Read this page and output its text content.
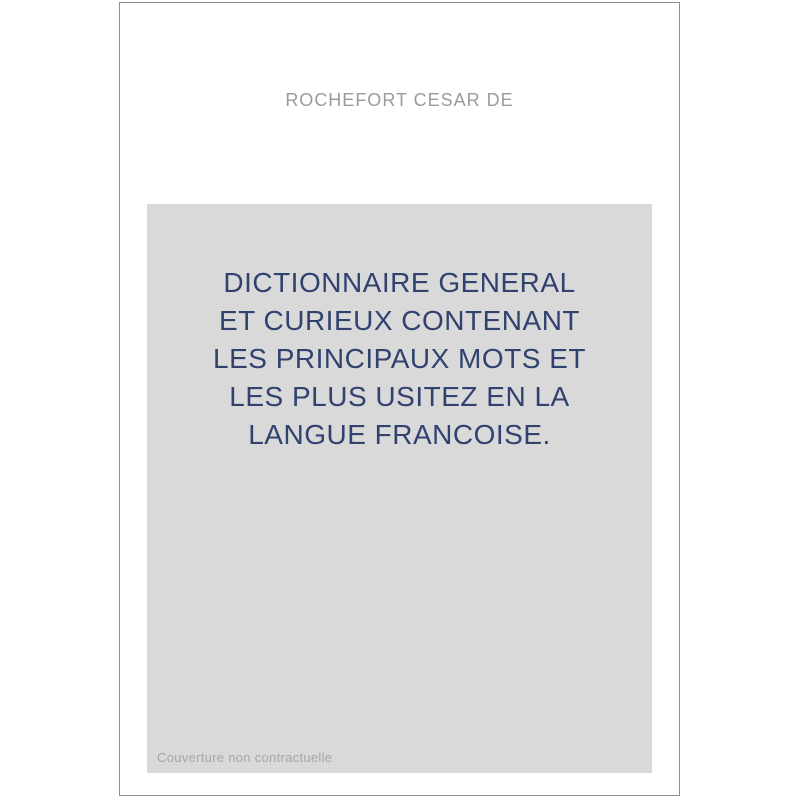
ROCHEFORT CESAR DE
DICTIONNAIRE GENERAL
ET CURIEUX CONTENANT
LES PRINCIPAUX MOTS ET
LES PLUS USITEZ EN LA
LANGUE FRANCOISE.
Couverture non contractuelle
